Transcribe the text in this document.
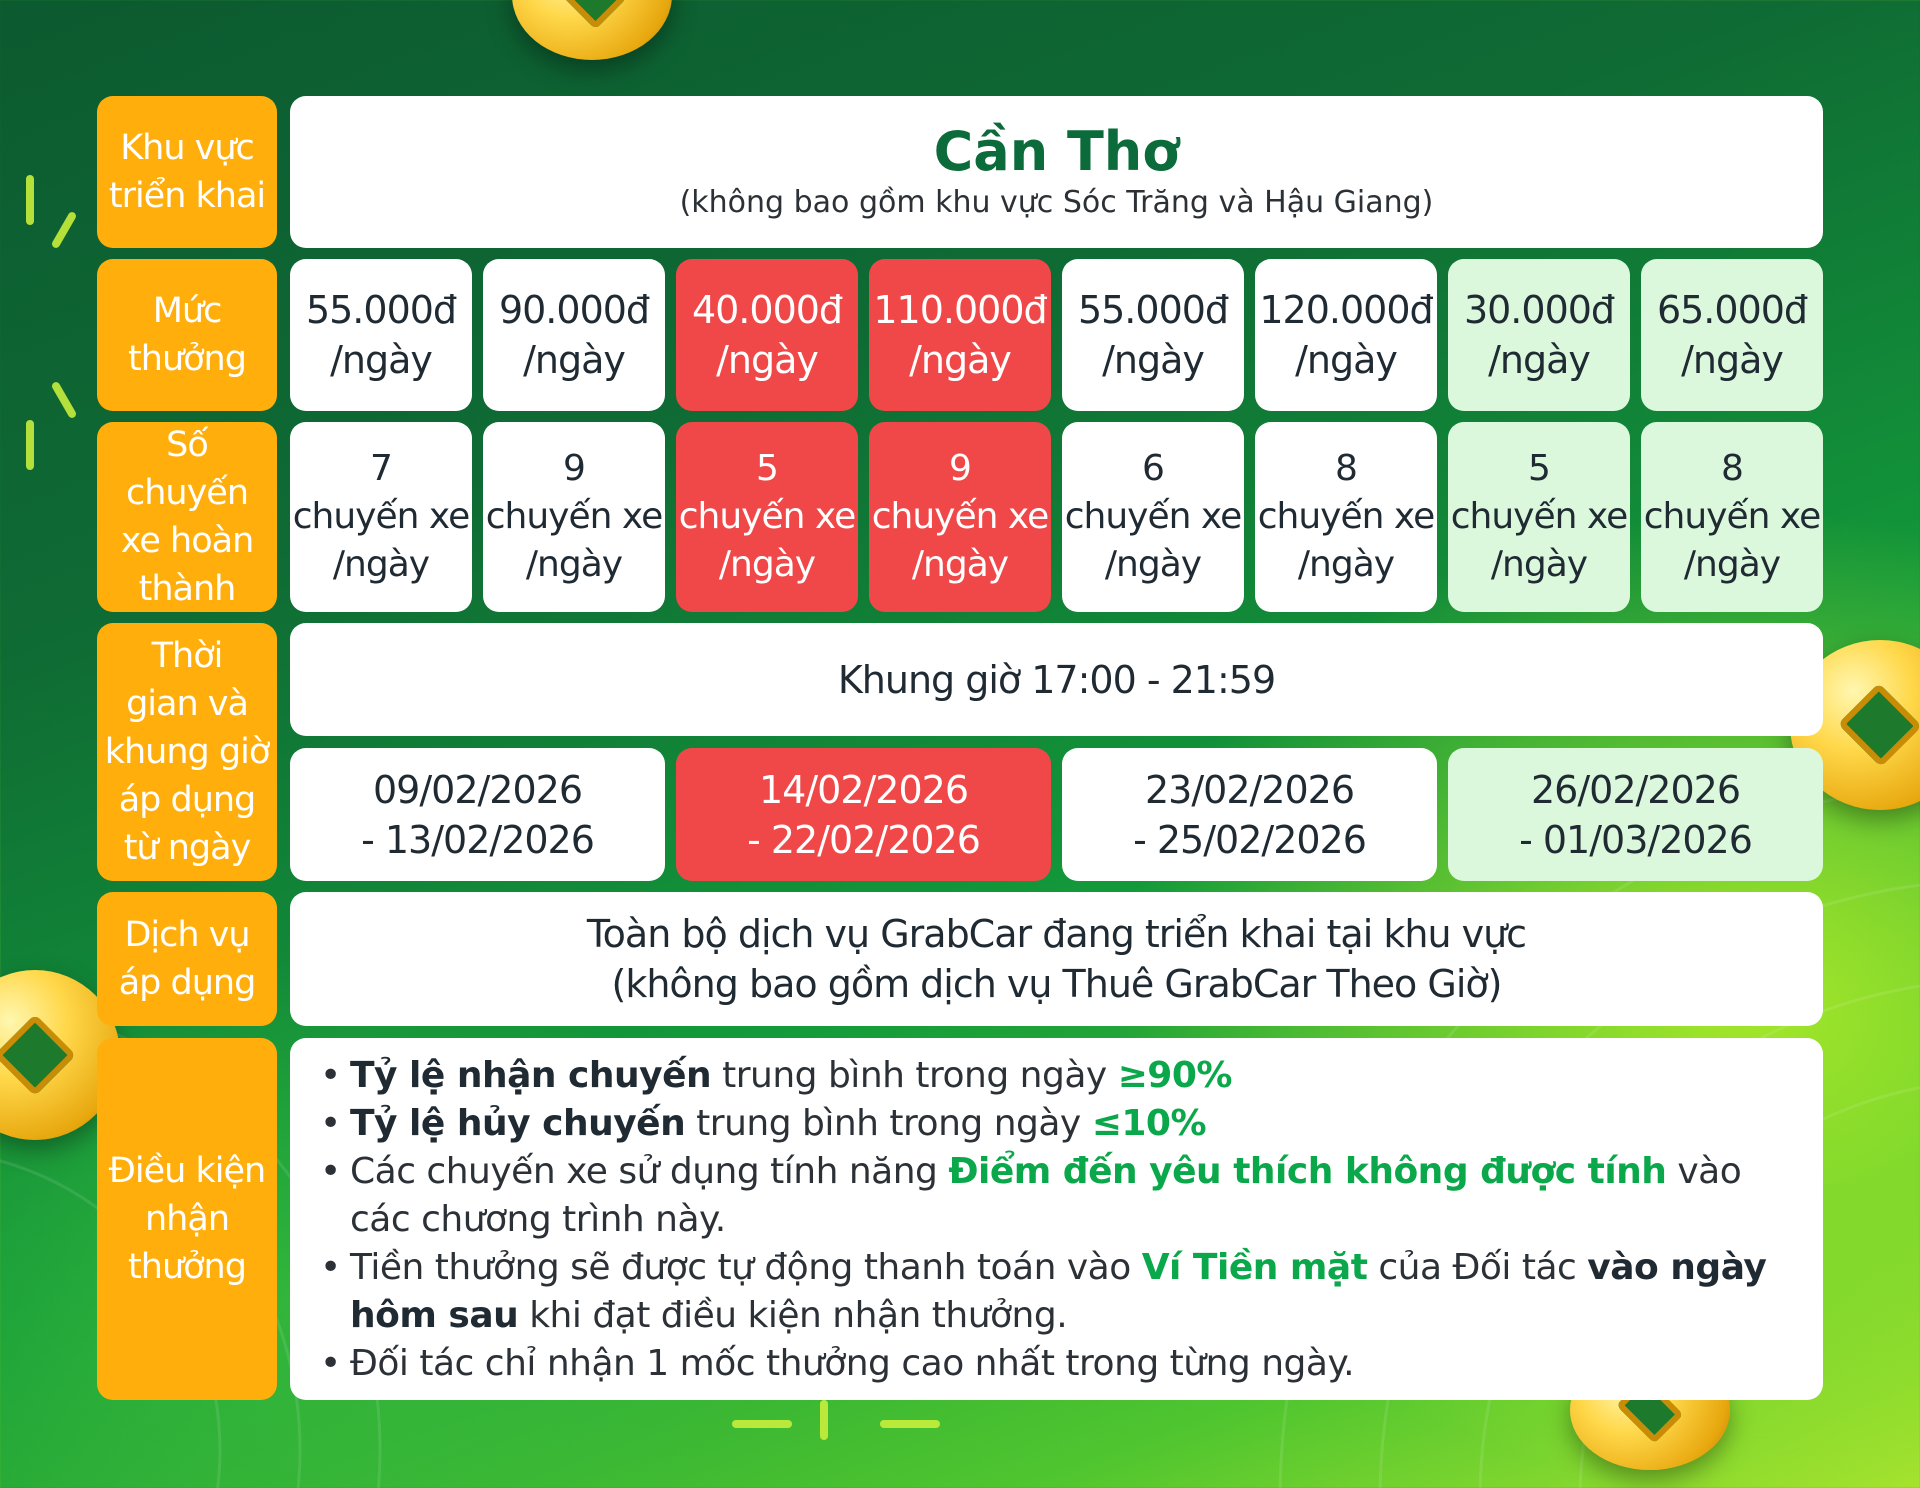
Khu vực
triển khai
Mức
thưởng
Số
chuyến
xe hoàn
thành
Thời
gian và
khung giờ
áp dụng
từ ngày
Dịch vụ
áp dụng
Điều kiện
nhận
thưởng
Cần Thơ
(không bao gồm khu vực Sóc Trăng và Hậu Giang)
55.000đ
/ngày
90.000đ
/ngày
40.000đ
/ngày
110.000đ
/ngày
55.000đ
/ngày
120.000đ
/ngày
30.000đ
/ngày
65.000đ
/ngày
7
chuyến xe
/ngày
9
chuyến xe
/ngày
5
chuyến xe
/ngày
9
chuyến xe
/ngày
6
chuyến xe
/ngày
8
chuyến xe
/ngày
5
chuyến xe
/ngày
8
chuyến xe
/ngày
Khung giờ 17:00 - 21:59
09/02/2026
- 13/02/2026
14/02/2026
- 22/02/2026
23/02/2026
- 25/02/2026
26/02/2026
- 01/03/2026
Toàn bộ dịch vụ GrabCar đang triển khai tại khu vực
(không bao gồm dịch vụ Thuê GrabCar Theo Giờ)
• Tỷ lệ nhận chuyến trung bình trong ngày ≥90%
• Tỷ lệ hủy chuyến trung bình trong ngày ≤10%
• Các chuyến xe sử dụng tính năng Điểm đến yêu thích không được tính vào các chương trình này.
• Tiền thưởng sẽ được tự động thanh toán vào Ví Tiền mặt của Đối tác vào ngày hôm sau khi đạt điều kiện nhận thưởng.
• Đối tác chỉ nhận 1 mốc thưởng cao nhất trong từng ngày.
